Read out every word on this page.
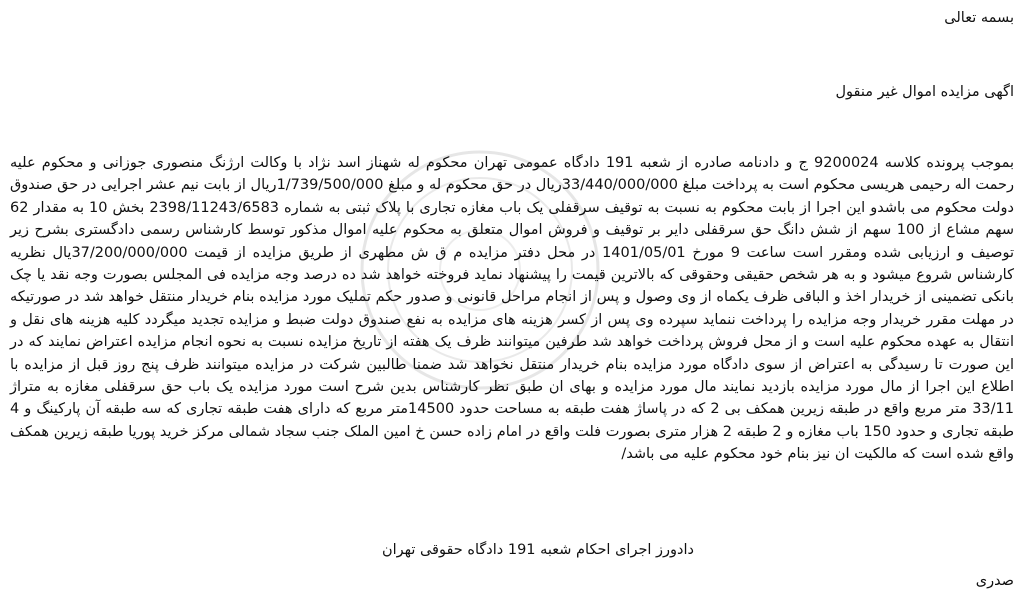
بسمه تعالی
اگهی مزایده اموال غیر منقول
بموجب پرونده کلاسه 9200024 ج و دادنامه صادره از شعبه 191 دادگاه عمومی تهران محکوم له شهناز اسد نژاد با وکالت ارژنگ منصوری جوزانی و محکوم علیه رحمت اله رحیمی هریسی محکوم است به پرداخت مبلغ 33/440/000/000ریال در حق محکوم له و مبلغ 1/739/500/000ریال از بابت نیم عشر اجرایی در حق صندوق دولت محکوم می باشدو این اجرا از بابت محکوم به نسبت به توقیف سرقفلی یک باب مغازه تجاری با پلاک ثبتی به شماره 2398/11243/6583 بخش 10 به مقدار 62 سهم مشاع از 100 سهم از شش دانگ حق سرقفلی دایر بر توقیف و فروش اموال متعلق به محکوم علیه اموال مذکور توسط کارشناس رسمی دادگستری بشرح زیر توصیف و ارزیابی شده ومقرر است ساعت 9 مورخ 1401/05/01 در محل دفتر مزایده م ق ش مطهری از طریق مزایده از قیمت 37/200/000/000یال نظریه کارشناس شروع میشود و به هر شخص حقیقی وحقوقی که بالاترین قیمت را پیشنهاد نماید فروخته خواهد شد ده درصد وجه مزایده فی المجلس بصورت وجه نقد یا چک بانکی تضمینی از خریدار اخذ و الباقی ظرف یکماه از وی وصول و پس از انجام مراحل قانونی و صدور حکم تملیک مورد مزایده بنام خریدار منتقل خواهد شد در صورتیکه در مهلت مقرر خریدار وجه مزایده را پرداخت ننماید سپرده وی پس از کسر هزینه های مزایده به نفع صندوق دولت ضبط و مزایده تجدید میگردد کلیه هزینه های نقل و انتقال به عهده محکوم علیه است و از محل فروش پرداخت خواهد شد طرفین میتوانند ظرف یک هفته از تاریخ مزایده نسبت به نحوه انجام مزایده اعتراض نمایند که در این صورت تا رسیدگی به اعتراض از سوی دادگاه مورد مزایده بنام خریدار منتقل نخواهد شد ضمنا طالبین شرکت در مزایده میتوانند ظرف پنج روز قبل از مزایده با اطلاع این اجرا از مال مورد مزایده بازدید نمایند مال مورد مزایده و بهای ان طبق نظر کارشناس بدین شرح است مورد مزایده یک باب حق سرقفلی مغازه به متراژ 33/11 متر مربع واقع در طبقه زیرین همکف بی 2 که در پاساژ هفت طبقه به مساحت حدود 14500متر مربع که دارای هفت طبقه تجاری که سه طبقه آن پارکینگ و 4 طبقه تجاری و حدود 150 باب مغازه و 2 طبقه 2 هزار متری بصورت فلت واقع در امام زاده حسن خ امین الملک جنب سجاد شمالی مرکز خرید پوریا طبقه زیرین همکف واقع شده است که مالکیت ان نیز بنام خود محکوم علیه می باشد/
دادورز اجرای احکام شعبه 191 دادگاه حقوقی تهران
صدری
